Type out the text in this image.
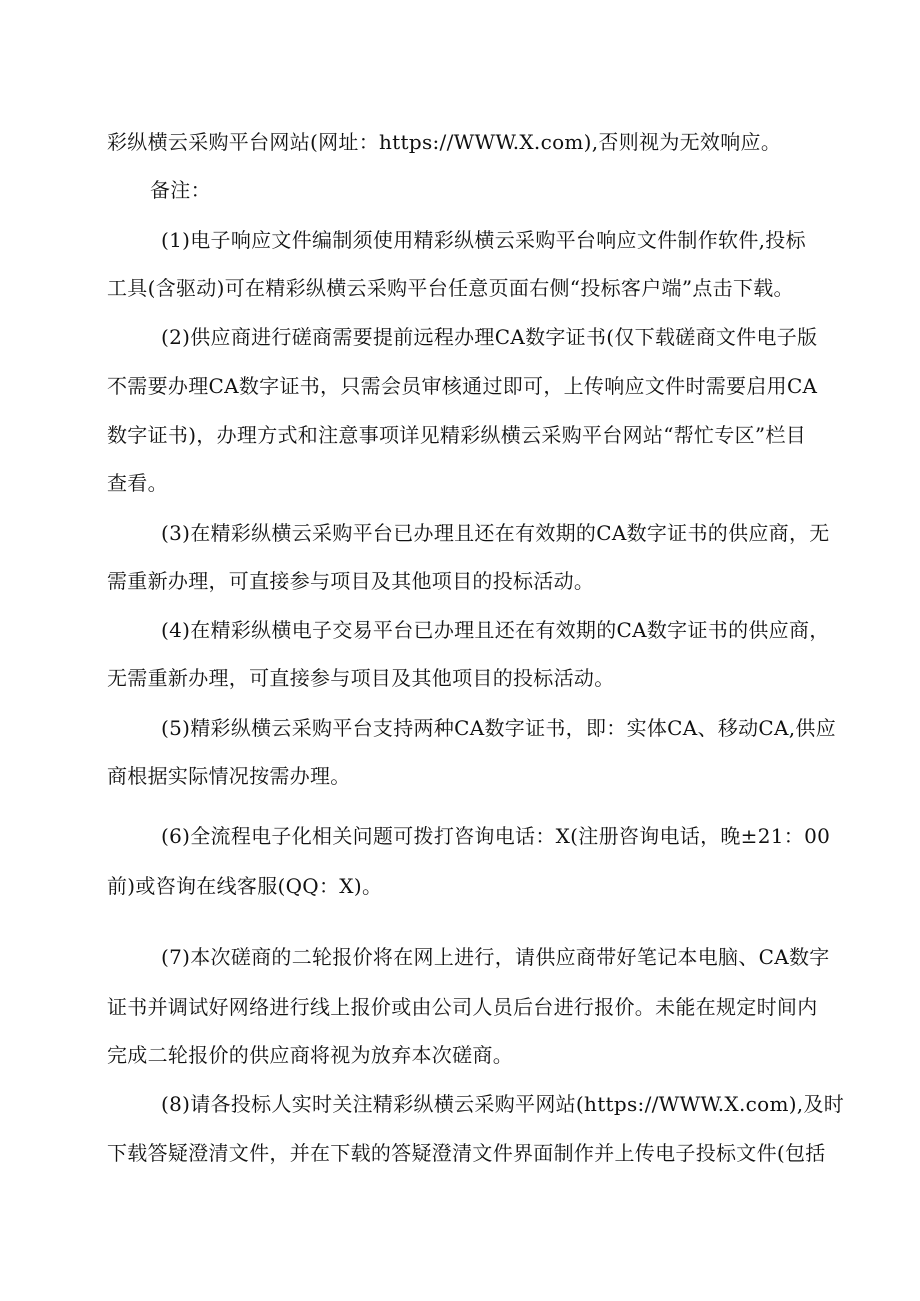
彩纵横云采购平台网站(网址：https://WWW.X.com),否则视为无效响应。
备注：
(1)电子响应文件编制须使用精彩纵横云采购平台响应文件制作软件,投标
工具(含驱动)可在精彩纵横云采购平台任意页面右侧“投标客户端”点击下载。
(2)供应商进行磋商需要提前远程办理CA数字证书(仅下载磋商文件电子版
不需要办理CA数字证书，只需会员审核通过即可，上传响应文件时需要启用CA
数字证书)，办理方式和注意事项详见精彩纵横云采购平台网站“帮忙专区”栏目
查看。
(3)在精彩纵横云采购平台已办理且还在有效期的CA数字证书的供应商，无
需重新办理，可直接参与项目及其他项目的投标活动。
(4)在精彩纵横电子交易平台已办理且还在有效期的CA数字证书的供应商，
无需重新办理，可直接参与项目及其他项目的投标活动。
(5)精彩纵横云采购平台支持两种CA数字证书，即：实体CA、移动CA,供应
商根据实际情况按需办理。
(6)全流程电子化相关问题可拨打咨询电话：X(注册咨询电话，晚±21：00
前)或咨询在线客服(QQ：X)。
(7)本次磋商的二轮报价将在网上进行，请供应商带好笔记本电脑、CA数字
证书并调试好网络进行线上报价或由公司人员后台进行报价。未能在规定时间内
完成二轮报价的供应商将视为放弃本次磋商。
(8)请各投标人实时关注精彩纵横云采购平网站(https://WWW.X.com),及时
下载答疑澄清文件，并在下载的答疑澄清文件界面制作并上传电子投标文件(包括
